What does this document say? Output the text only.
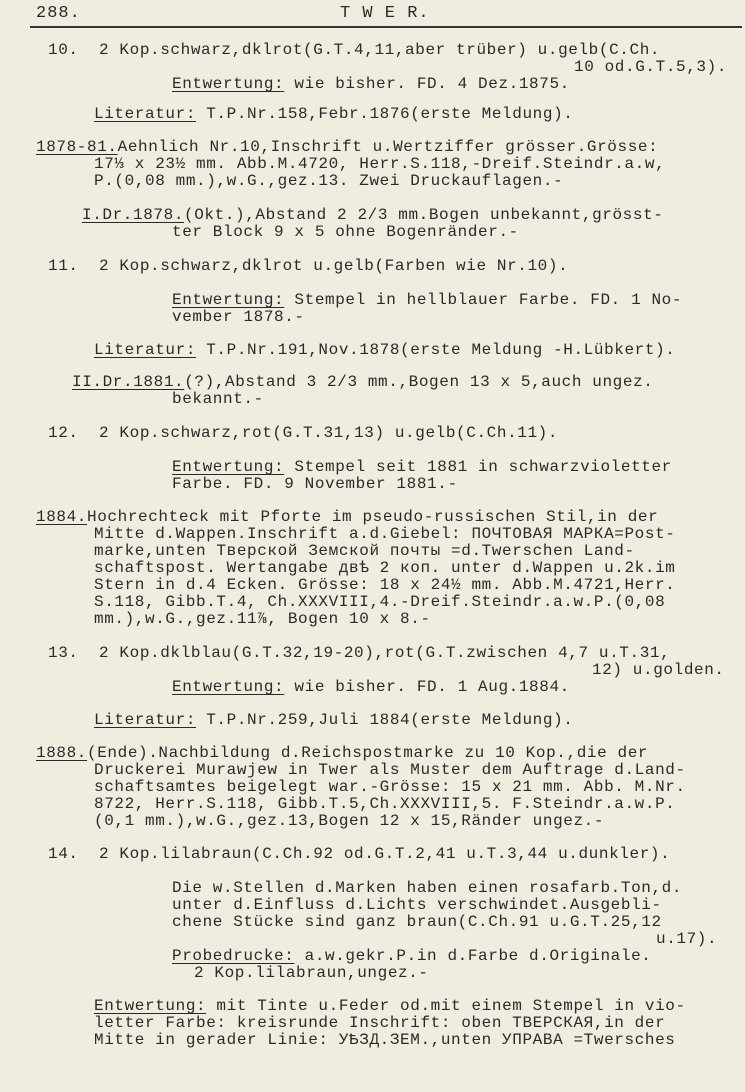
288.	T W E R.
10.  2 Kop.schwarz,dklrot(G.T.4,11,aber trüber) u.gelb(C.Ch.
10 od.G.T.5,3).
Entwertung: wie bisher. FD. 4 Dez.1875.
Literatur: T.P.Nr.158,Febr.1876(erste Meldung).
1878-81.Aehnlich Nr.10,Inschrift u.Wertziffer grösser.Grösse:
17⅓ x 23½ mm. Abb.M.4720, Herr.S.118,-Dreif.Steindr.a.w,
P.(0,08 mm.),w.G.,gez.13. Zwei Druckauflagen.-
I.Dr.1878.(Okt.),Abstand 2 2/3 mm.Bogen unbekannt,grösst-
ter Block 9 x 5 ohne Bogenränder.-
11.  2 Kop.schwarz,dklrot u.gelb(Farben wie Nr.10).
Entwertung: Stempel in hellblauer Farbe. FD. 1 No-
vember 1878.-
Literatur: T.P.Nr.191,Nov.1878(erste Meldung -H.Lübkert).
II.Dr.1881.(?),Abstand 3 2/3 mm.,Bogen 13 x 5,auch ungez.
bekannt.-
12.  2 Kop.schwarz,rot(G.T.31,13) u.gelb(C.Ch.11).
Entwertung: Stempel seit 1881 in schwarzvioletter
Farbe. FD. 9 November 1881.-
1884.Hochrechteck mit Pforte im pseudo-russischen Stil,in der
Mitte d.Wappen.Inschrift a.d.Giebel: ПОЧТОВАЯ МАРКА=Post-
marke,unten Тверской Земской почты =d.Twerschen Land-
schaftspost. Wertangabe двѣ 2 коп. unter d.Wappen u.2k.im
Stern in d.4 Ecken. Grösse: 18 x 24½ mm. Abb.M.4721,Herr.
S.118, Gibb.T.4, Ch.XXXVIII,4.-Dreif.Steindr.a.w.P.(0,08
mm.),w.G.,gez.11⅞, Bogen 10 x 8.-
13.  2 Kop.dklblau(G.T.32,19-20),rot(G.T.zwischen 4,7 u.T.31,
12) u.golden.
Entwertung: wie bisher. FD. 1 Aug.1884.
Literatur: T.P.Nr.259,Juli 1884(erste Meldung).
1888.(Ende).Nachbildung d.Reichspostmarke zu 10 Kop.,die der
Druckerei Murawjew in Twer als Muster dem Auftrage d.Land-
schaftsamtes beigelegt war.-Grösse: 15 x 21 mm. Abb. M.Nr.
8722, Herr.S.118, Gibb.T.5,Ch.XXXVIII,5. F.Steindr.a.w.P.
(0,1 mm.),w.G.,gez.13,Bogen 12 x 15,Ränder ungez.-
14.  2 Kop.lilabraun(C.Ch.92 od.G.T.2,41 u.T.3,44 u.dunkler).
Die w.Stellen d.Marken haben einen rosafarb.Ton,d.
unter d.Einfluss d.Lichts verschwindet.Ausgebli-
chene Stücke sind ganz braun(C.Ch.91 u.G.T.25,12
u.17).
Probedrucke: a.w.gekr.P.in d.Farbe d.Originale.
2 Kop.lilabraun,ungez.-
Entwertung: mit Tinte u.Feder od.mit einem Stempel in vio-
letter Farbe: kreisrunde Inschrift: oben ТВЕРСКАЯ,in der
Mitte in gerader Linie: УѢЗД.ЗЕМ.,unten УПРАВА =Twersches
